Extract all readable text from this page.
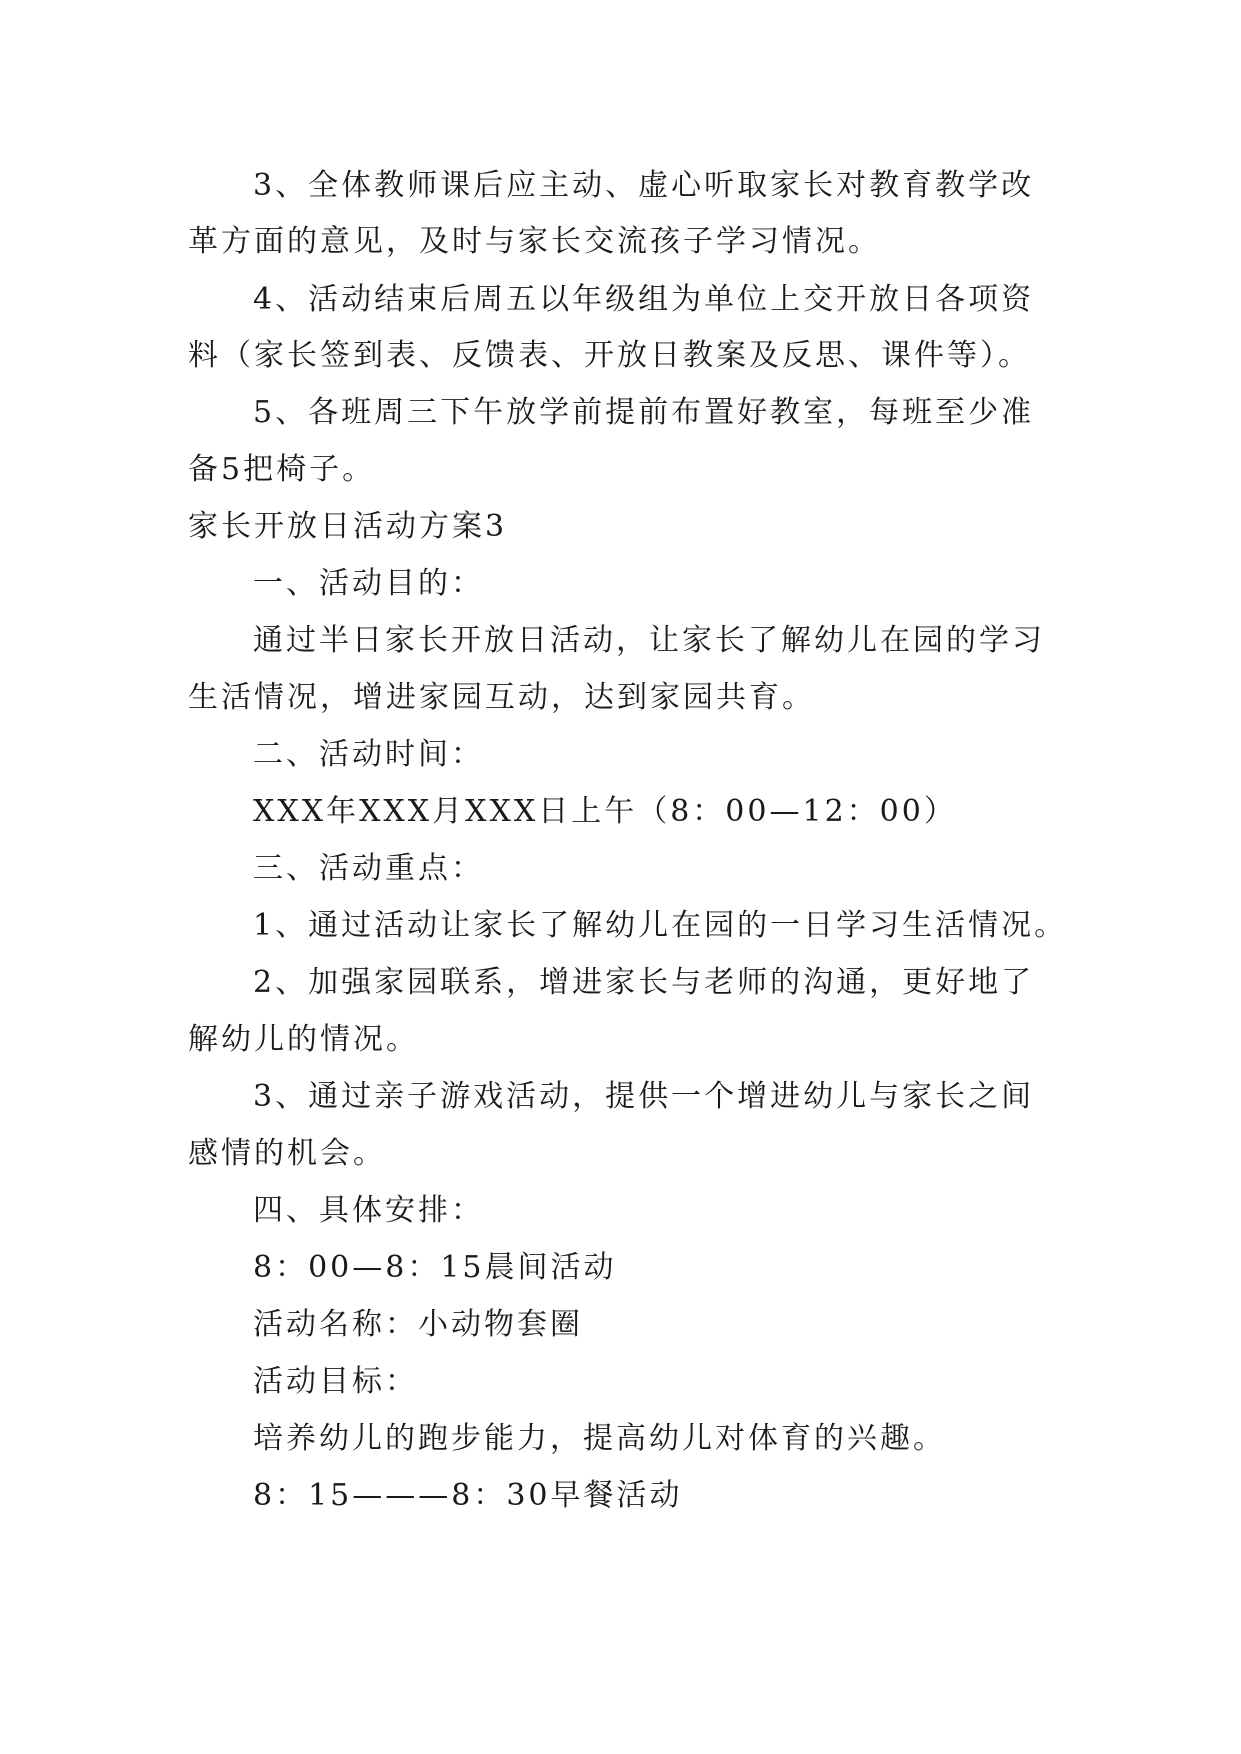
3、全体教师课后应主动、虚心听取家长对教育教学改
革方面的意见，及时与家长交流孩子学习情况。
4、活动结束后周五以年级组为单位上交开放日各项资
料（家长签到表、反馈表、开放日教案及反思、课件等）。
5、各班周三下午放学前提前布置好教室，每班至少准
备5把椅子。
家长开放日活动方案3
一、活动目的：
通过半日家长开放日活动，让家长了解幼儿在园的学习
生活情况，增进家园互动，达到家园共育。
二、活动时间：
XXX年XXX月XXX日上午（8：00—12：00）
三、活动重点：
1、通过活动让家长了解幼儿在园的一日学习生活情况。
2、加强家园联系，增进家长与老师的沟通，更好地了
解幼儿的情况。
3、通过亲子游戏活动，提供一个增进幼儿与家长之间
感情的机会。
四、具体安排：
8：00—8：15晨间活动
活动名称：小动物套圈
活动目标：
培养幼儿的跑步能力，提高幼儿对体育的兴趣。
8：15———8：30早餐活动
